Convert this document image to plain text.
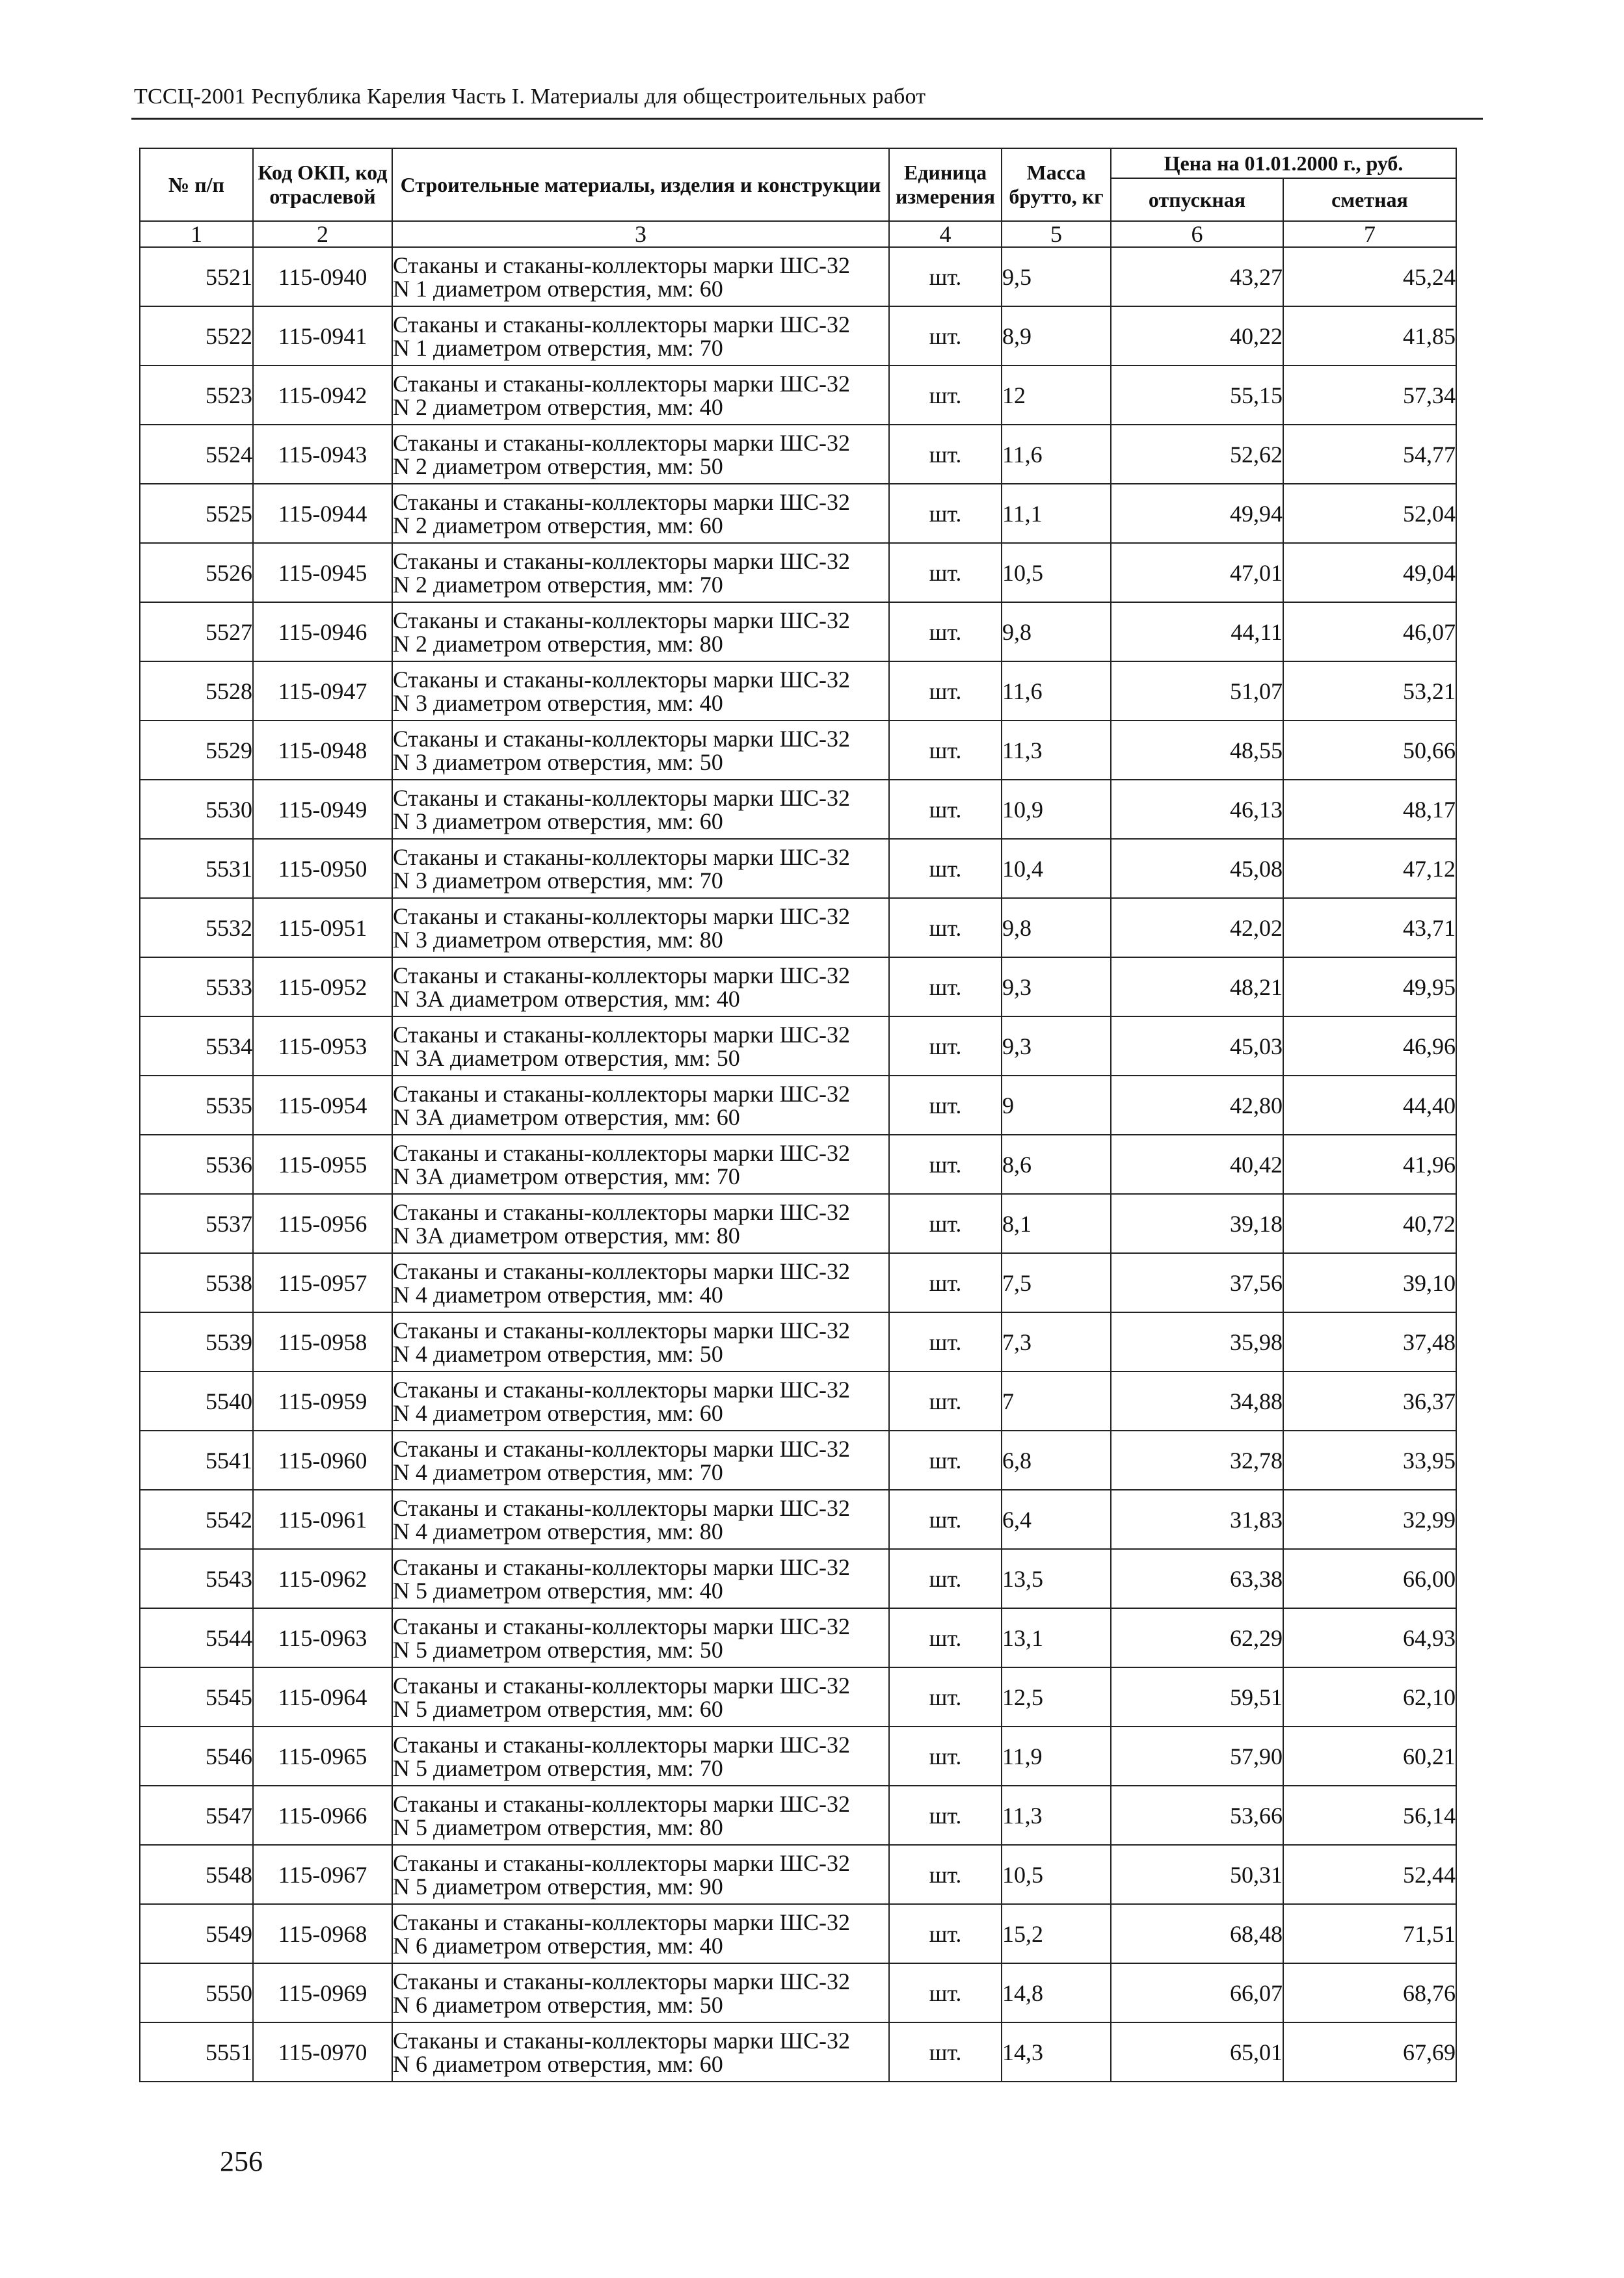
ТССЦ-2001 Республика Карелия Часть I. Материалы для общестроительных работ
№ п/п	Код ОКП, код отраслевой	Строительные материалы, изделия и конструкции	Единица измерения	Масса брутто, кг	Цена на 01.01.2000 г., руб.	
					отпускная	сметная
1	2	3	4	5	6	7
5521	115-0940	Стаканы и стаканы-коллекторы марки ШС-32
N 1 диаметром отверстия, мм: 60	шт.	9,5	43,27	45,24
5522	115-0941	Стаканы и стаканы-коллекторы марки ШС-32
N 1 диаметром отверстия, мм: 70	шт.	8,9	40,22	41,85
5523	115-0942	Стаканы и стаканы-коллекторы марки ШС-32
N 2 диаметром отверстия, мм: 40	шт.	12	55,15	57,34
5524	115-0943	Стаканы и стаканы-коллекторы марки ШС-32
N 2 диаметром отверстия, мм: 50	шт.	11,6	52,62	54,77
5525	115-0944	Стаканы и стаканы-коллекторы марки ШС-32
N 2 диаметром отверстия, мм: 60	шт.	11,1	49,94	52,04
5526	115-0945	Стаканы и стаканы-коллекторы марки ШС-32
N 2 диаметром отверстия, мм: 70	шт.	10,5	47,01	49,04
5527	115-0946	Стаканы и стаканы-коллекторы марки ШС-32
N 2 диаметром отверстия, мм: 80	шт.	9,8	44,11	46,07
5528	115-0947	Стаканы и стаканы-коллекторы марки ШС-32
N 3 диаметром отверстия, мм: 40	шт.	11,6	51,07	53,21
5529	115-0948	Стаканы и стаканы-коллекторы марки ШС-32
N 3 диаметром отверстия, мм: 50	шт.	11,3	48,55	50,66
5530	115-0949	Стаканы и стаканы-коллекторы марки ШС-32
N 3 диаметром отверстия, мм: 60	шт.	10,9	46,13	48,17
5531	115-0950	Стаканы и стаканы-коллекторы марки ШС-32
N 3 диаметром отверстия, мм: 70	шт.	10,4	45,08	47,12
5532	115-0951	Стаканы и стаканы-коллекторы марки ШС-32
N 3 диаметром отверстия, мм: 80	шт.	9,8	42,02	43,71
5533	115-0952	Стаканы и стаканы-коллекторы марки ШС-32
N 3А диаметром отверстия, мм: 40	шт.	9,3	48,21	49,95
5534	115-0953	Стаканы и стаканы-коллекторы марки ШС-32
N 3А диаметром отверстия, мм: 50	шт.	9,3	45,03	46,96
5535	115-0954	Стаканы и стаканы-коллекторы марки ШС-32
N 3А диаметром отверстия, мм: 60	шт.	9	42,80	44,40
5536	115-0955	Стаканы и стаканы-коллекторы марки ШС-32
N 3А диаметром отверстия, мм: 70	шт.	8,6	40,42	41,96
5537	115-0956	Стаканы и стаканы-коллекторы марки ШС-32
N 3А диаметром отверстия, мм: 80	шт.	8,1	39,18	40,72
5538	115-0957	Стаканы и стаканы-коллекторы марки ШС-32
N 4 диаметром отверстия, мм: 40	шт.	7,5	37,56	39,10
5539	115-0958	Стаканы и стаканы-коллекторы марки ШС-32
N 4 диаметром отверстия, мм: 50	шт.	7,3	35,98	37,48
5540	115-0959	Стаканы и стаканы-коллекторы марки ШС-32
N 4 диаметром отверстия, мм: 60	шт.	7	34,88	36,37
5541	115-0960	Стаканы и стаканы-коллекторы марки ШС-32
N 4 диаметром отверстия, мм: 70	шт.	6,8	32,78	33,95
5542	115-0961	Стаканы и стаканы-коллекторы марки ШС-32
N 4 диаметром отверстия, мм: 80	шт.	6,4	31,83	32,99
5543	115-0962	Стаканы и стаканы-коллекторы марки ШС-32
N 5 диаметром отверстия, мм: 40	шт.	13,5	63,38	66,00
5544	115-0963	Стаканы и стаканы-коллекторы марки ШС-32
N 5 диаметром отверстия, мм: 50	шт.	13,1	62,29	64,93
5545	115-0964	Стаканы и стаканы-коллекторы марки ШС-32
N 5 диаметром отверстия, мм: 60	шт.	12,5	59,51	62,10
5546	115-0965	Стаканы и стаканы-коллекторы марки ШС-32
N 5 диаметром отверстия, мм: 70	шт.	11,9	57,90	60,21
5547	115-0966	Стаканы и стаканы-коллекторы марки ШС-32
N 5 диаметром отверстия, мм: 80	шт.	11,3	53,66	56,14
5548	115-0967	Стаканы и стаканы-коллекторы марки ШС-32
N 5 диаметром отверстия, мм: 90	шт.	10,5	50,31	52,44
5549	115-0968	Стаканы и стаканы-коллекторы марки ШС-32
N 6 диаметром отверстия, мм: 40	шт.	15,2	68,48	71,51
5550	115-0969	Стаканы и стаканы-коллекторы марки ШС-32
N 6 диаметром отверстия, мм: 50	шт.	14,8	66,07	68,76
5551	115-0970	Стаканы и стаканы-коллекторы марки ШС-32
N 6 диаметром отверстия, мм: 60	шт.	14,3	65,01	67,69
256
